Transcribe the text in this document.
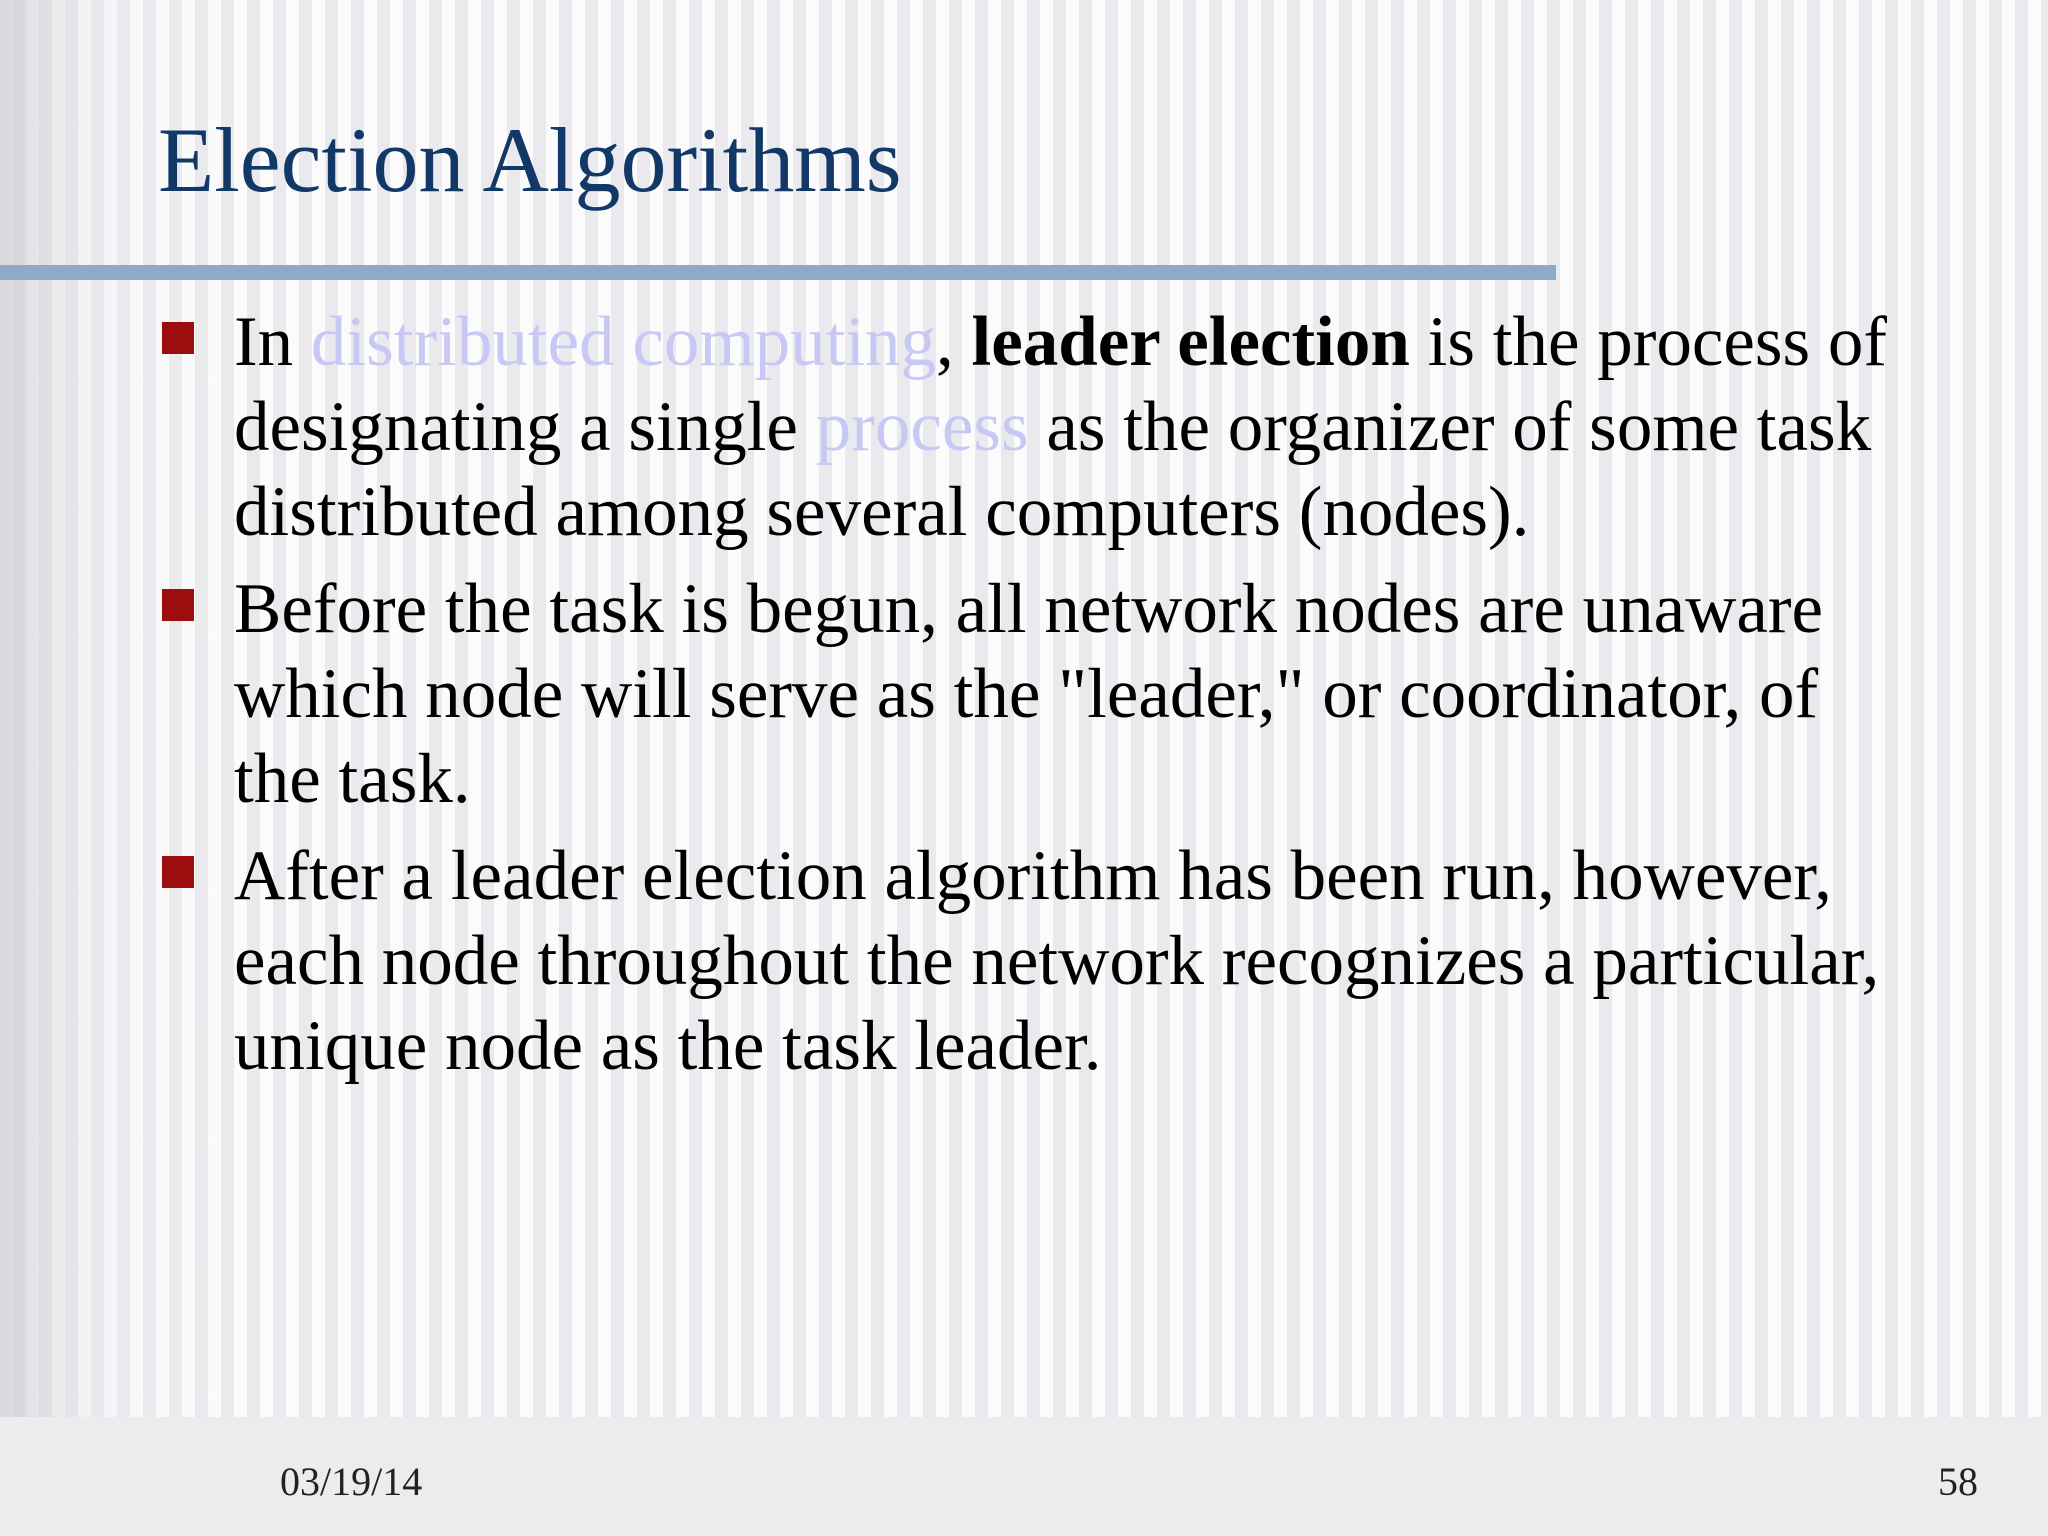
Election Algorithms
In distributed computing, leader election is the process of designating a single process as the organizer of some task distributed among several computers (nodes).
Before the task is begun, all network nodes are unaware which node will serve as the "leader," or coordinator, of the task.
After a leader election algorithm has been run, however, each node throughout the network recognizes a particular, unique node as the task leader.
03/19/14	58
